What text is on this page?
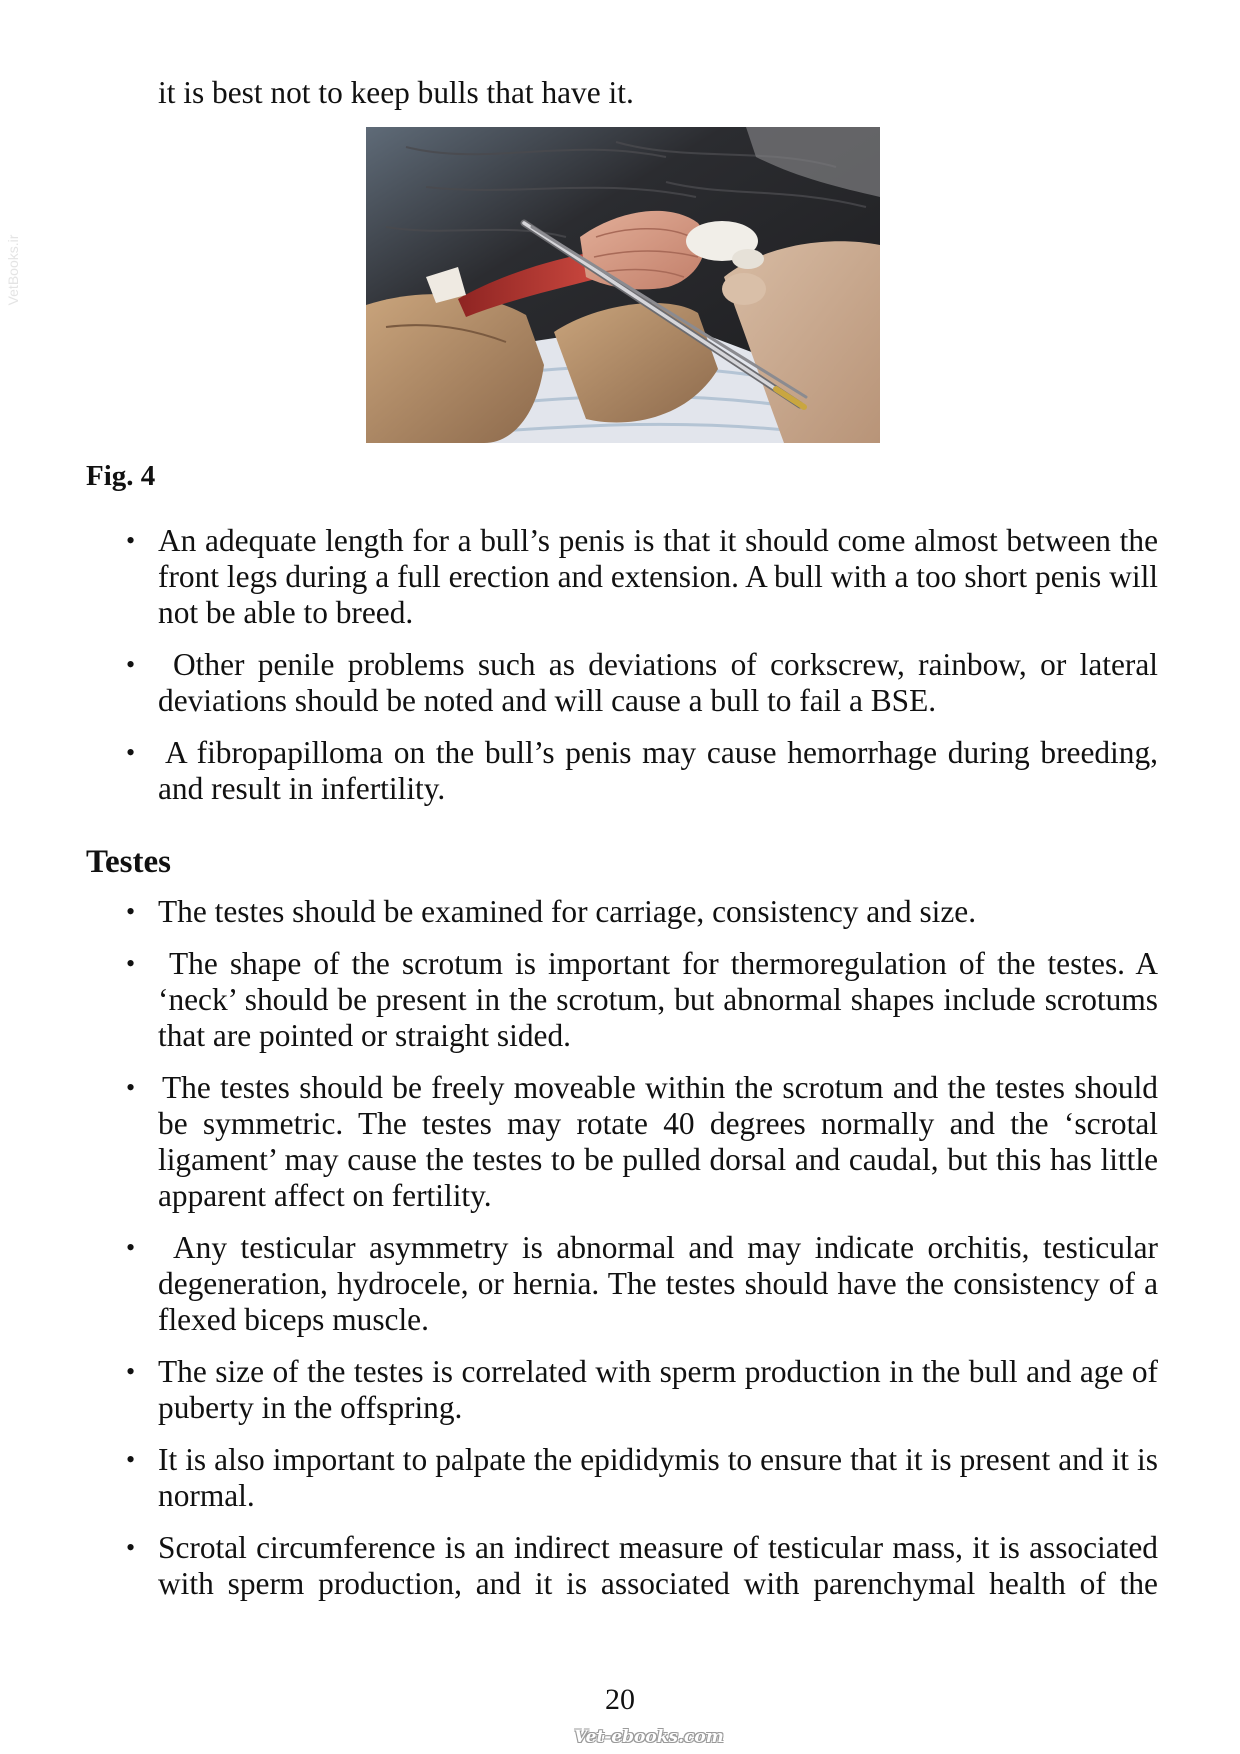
VetBooks.ir
it is best not to keep bulls that have it.
Fig. 4
• An adequate length for a bull’s penis is that it should come almost between the front legs during a full erection and extension. A bull with a too short penis will not be able to breed.
•	Other penile problems such as deviations of corkscrew, rainbow, or lateral deviations should be noted and will cause a bull to fail a BSE.
• A fibropapilloma on the bull’s penis may cause hemorrhage during breeding, and result in infertility.
Testes
• The testes should be examined for carriage, consistency and size.
•	The shape of the scrotum is important for thermoregulation of the testes. A ‘neck’ should be present in the scrotum, but abnormal shapes include scrotums that are pointed or straight sided.
• The testes should be freely moveable within the scrotum and the testes should be symmetric. The testes may rotate 40 degrees normally and the ‘scrotal ligament’ may cause the testes to be pulled dorsal and caudal, but this has little apparent affect on fertility.
•	Any testicular asymmetry is abnormal and may indicate orchitis, testicular degeneration, hydrocele, or hernia. The testes should have the consistency of a flexed biceps muscle.
• The size of the testes is correlated with sperm production in the bull and age of puberty in the offspring.
• It is also important to palpate the epididymis to ensure that it is present and it is normal.
• Scrotal circumference is an indirect measure of testicular mass, it is associated with sperm production, and it is associated with parenchymal health of the
20
Vet-ebooks.com
